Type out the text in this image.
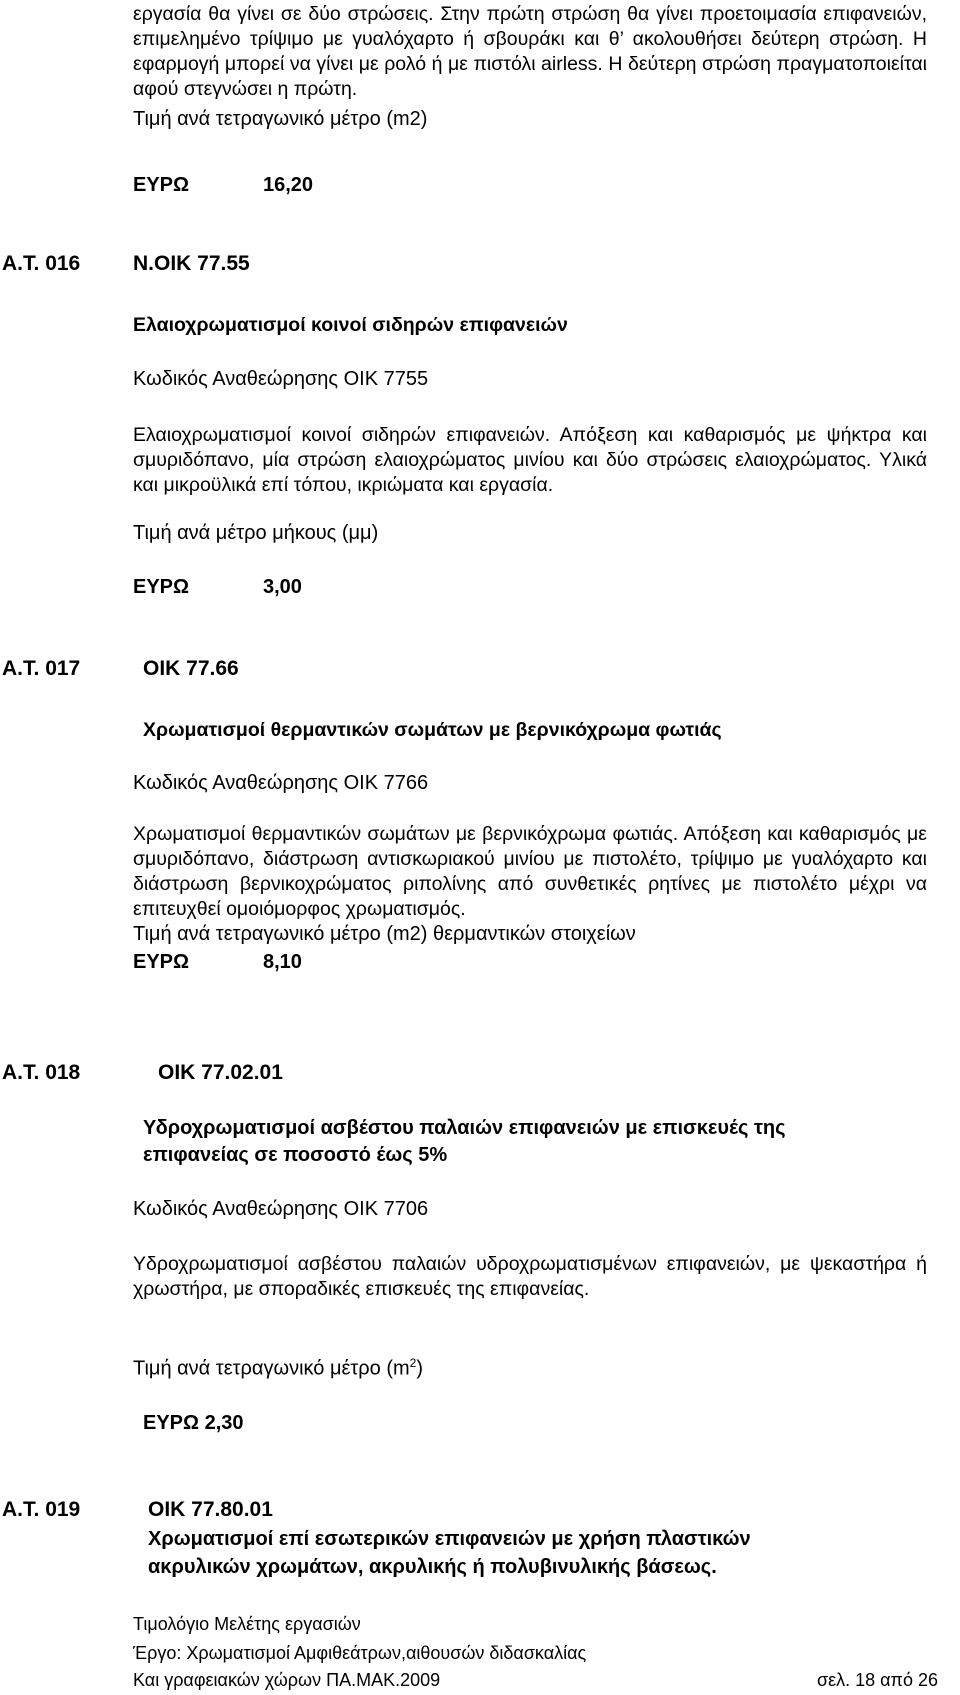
εργασία θα γίνει σε δύο στρώσεις. Στην πρώτη στρώση θα γίνει προετοιμασία επιφανειών, επιμελημένο τρίψιμο με γυαλόχαρτο ή σβουράκι και θ’ ακολουθήσει δεύτερη στρώση. Η εφαρμογή μπορεί να γίνει με ρολό ή με πιστόλι airless. Η δεύτερη στρώση πραγματοποιείται αφού στεγνώσει η πρώτη.
Τιμή ανά τετραγωνικό μέτρο (m2)
ΕΥΡΩ	16,20
Α.Τ. 016	Ν.ΟΙΚ 77.55
Ελαιοχρωματισμοί κοινοί σιδηρών επιφανειών
Κωδικός Αναθεώρησης ΟΙΚ 7755
Ελαιοχρωματισμοί κοινοί σιδηρών επιφανειών. Απόξεση και καθαρισμός με ψήκτρα και σμυριδόπανο, μία στρώση ελαιοχρώματος μινίου και δύο στρώσεις ελαιοχρώματος. Υλικά και μικροϋλικά επί τόπου, ικριώματα και εργασία.
Τιμή ανά μέτρο μήκους (μμ)
ΕΥΡΩ	3,00
Α.Τ. 017	ΟΙΚ 77.66
Χρωματισμοί θερμαντικών σωμάτων με βερνικόχρωμα φωτιάς
Κωδικός Αναθεώρησης ΟΙΚ 7766
Χρωματισμοί θερμαντικών σωμάτων με βερνικόχρωμα φωτιάς. Απόξεση και καθαρισμός με σμυριδόπανο, διάστρωση αντισκωριακού μινίου με πιστολέτο, τρίψιμο με γυαλόχαρτο και διάστρωση βερνικοχρώματος ριπολίνης από συνθετικές ρητίνες με πιστολέτο μέχρι να επιτευχθεί ομοιόμορφος χρωματισμός.
Τιμή ανά τετραγωνικό μέτρο (m2) θερμαντικών στοιχείων
ΕΥΡΩ	8,10
Α.Τ. 018	ΟΙΚ 77.02.01
Υδροχρωματισμοί ασβέστου παλαιών επιφανειών με επισκευές της
επιφανείας σε ποσοστό έως 5%
Κωδικός Αναθεώρησης ΟΙΚ 7706
Υδροχρωματισμοί ασβέστου παλαιών υδροχρωματισμένων επιφανειών, με ψεκαστήρα ή χρωστήρα, με σποραδικές επισκευές της επιφανείας.
Τιμή ανά τετραγωνικό μέτρο $(m^2)$
ΕΥΡΩ 2,30
Α.Τ. 019	ΟΙΚ 77.80.01
Χρωματισμοί επί εσωτερικών επιφανειών με χρήση πλαστικών
ακρυλικών χρωμάτων, ακρυλικής ή πολυβινυλικής βάσεως.
Τιμολόγιο Μελέτης εργασιών
Έργο: Χρωματισμοί Αμφιθεάτρων,αιθουσών διδασκαλίας
Και γραφειακών χώρων ΠΑ.ΜΑΚ.2009	σελ. 18 από 26
